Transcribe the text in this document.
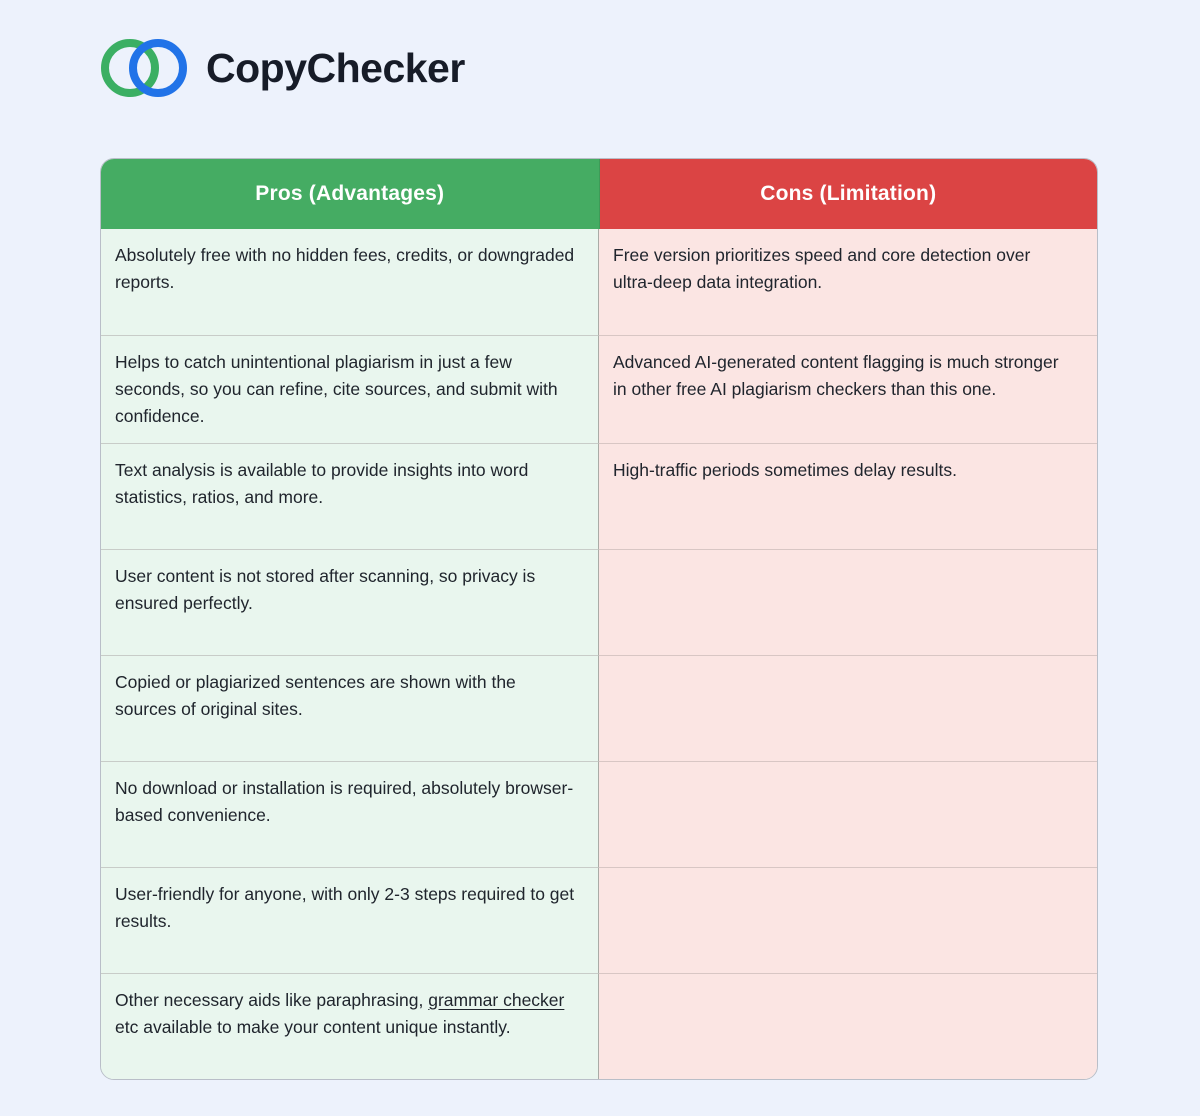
CopyChecker
Pros (Advantages)	Cons (Limitation)
Absolutely free with no hidden fees, credits, or downgraded reports.
Free version prioritizes speed and core detection over ultra-deep data integration.
Helps to catch unintentional plagiarism in just a few seconds, so you can refine, cite sources, and submit with confidence.
Advanced AI-generated content flagging is much stronger in other free AI plagiarism checkers than this one.
Text analysis is available to provide insights into word statistics, ratios, and more.
High-traffic periods sometimes delay results.
User content is not stored after scanning, so privacy is ensured perfectly.
Copied or plagiarized sentences are shown with the sources of original sites.
No download or installation is required, absolutely browser-based convenience.
User-friendly for anyone, with only 2-3 steps required to get results.
Other necessary aids like paraphrasing, grammar checker etc available to make your content unique instantly.
